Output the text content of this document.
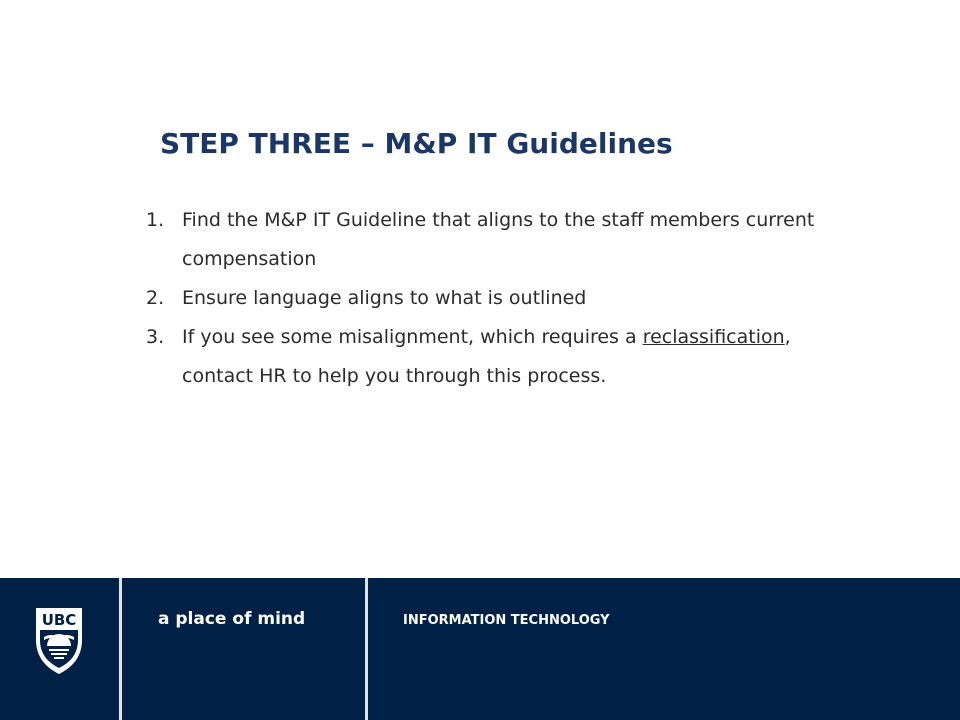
STEP THREE – M&P IT Guidelines
1. Find the M&P IT Guideline that aligns to the staff members current compensation
2. Ensure language aligns to what is outlined
3. If you see some misalignment, which requires a reclassification, contact HR to help you through this process.
UBC	a place of mind	INFORMATION TECHNOLOGY
